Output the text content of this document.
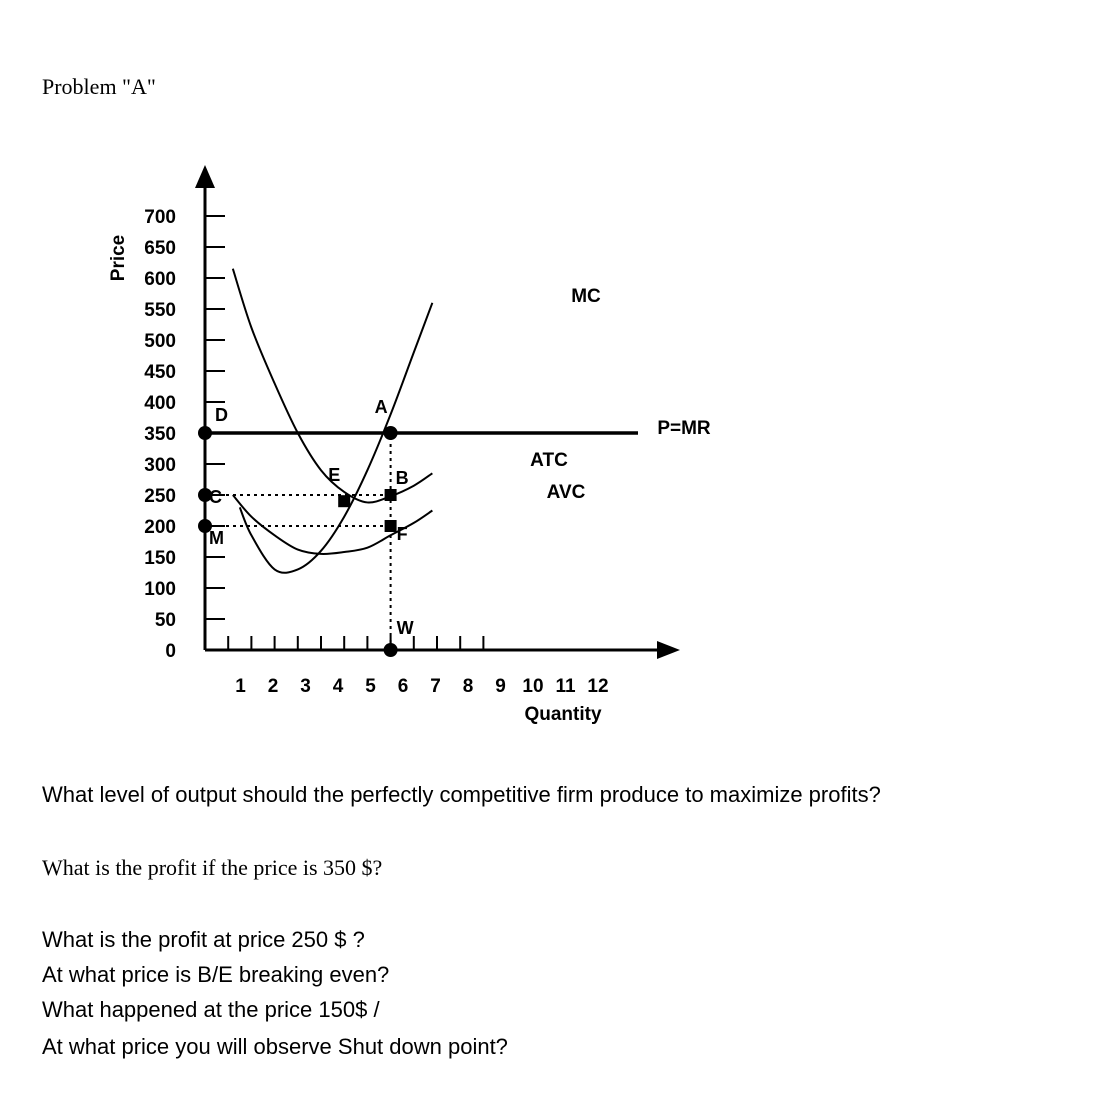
Problem "A"
700
650
600
550
500
450
400
350
300
250
200
150
100
50
0
Price
1 2 3 4 5 6 7 8 9 10 11 12
Quantity
MC
ATC
AVC
P=MR
D	A
B
E
F
C
M
W
What level of output should the perfectly competitive firm produce to maximize profits?
What is the profit if the price is 350 $?
What is the profit at price 250 $ ?
At what price is B/E breaking even?
What happened at the price 150$ /
At what price you will observe Shut down point?
